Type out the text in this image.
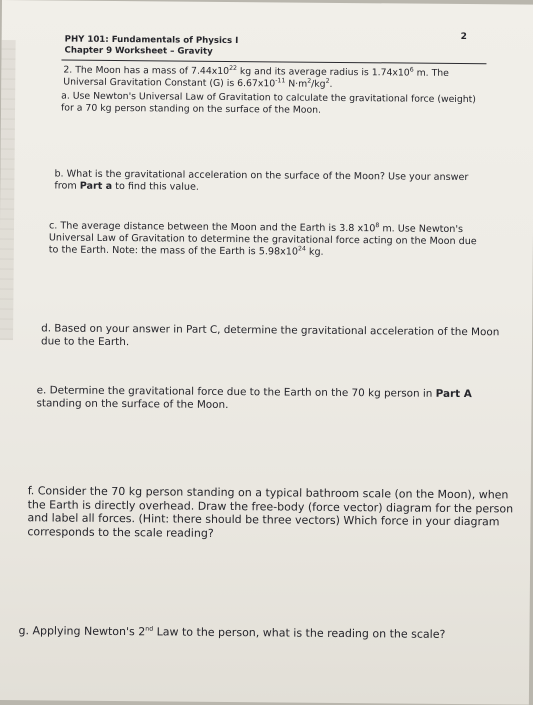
2
PHY 101: Fundamentals of Physics I
Chapter 9 Worksheet – Gravity
2. The Moon has a mass of $7.44x10^{22}$ kg and its average radius is $1.74x10^6$ m. The
Universal Gravitation Constant (G) is $6.67x10^{-11}$ $N\cdot m^2/kg^2$.
a. Use Newton's Universal Law of Gravitation to calculate the gravitational force (weight)
for a 70 kg person standing on the surface of the Moon.
b. What is the gravitational acceleration on the surface of the Moon? Use your answer
from Part a to find this value.
c. The average distance between the Moon and the Earth is 3.8 $x10^8$ m. Use Newton's
Universal Law of Gravitation to determine the gravitational force acting on the Moon due
to the Earth. Note: the mass of the Earth is $5.98x10^{24}$ kg.
d. Based on your answer in Part C, determine the gravitational acceleration of the Moon
due to the Earth.
e. Determine the gravitational force due to the Earth on the 70 kg person in Part A
standing on the surface of the Moon.
f. Consider the 70 kg person standing on a typical bathroom scale (on the Moon), when
the Earth is directly overhead. Draw the free-body (force vector) diagram for the person
and label all forces. (Hint: there should be three vectors) Which force in your diagram
corresponds to the scale reading?
g. Applying Newton's 2nd Law to the person, what is the reading on the scale?
